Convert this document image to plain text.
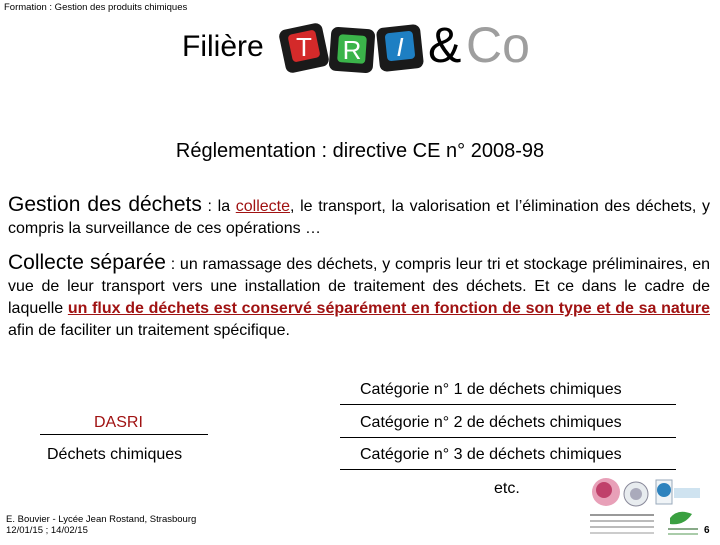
Formation : Gestion des produits chimiques
Filière T R I & Co
Réglementation : directive CE n° 2008-98
Gestion des déchets : la collecte, le transport, la valorisation et l’élimination des déchets, y compris la surveillance de ces opérations …
Collecte séparée : un ramassage des déchets, y compris leur tri et stockage préliminaires, en vue de leur transport vers une installation de traitement des déchets. Et ce dans le cadre de laquelle un flux de déchets est conservé séparément en fonction de son type et de sa nature afin de faciliter un traitement spécifique.
Catégorie n° 1 de déchets chimiques
DASRI	Catégorie n° 2 de déchets chimiques
Déchets chimiques	Catégorie n° 3 de déchets chimiques
etc.
E. Bouvier - Lycée Jean Rostand, Strasbourg
12/01/15 ; 14/02/15	6
